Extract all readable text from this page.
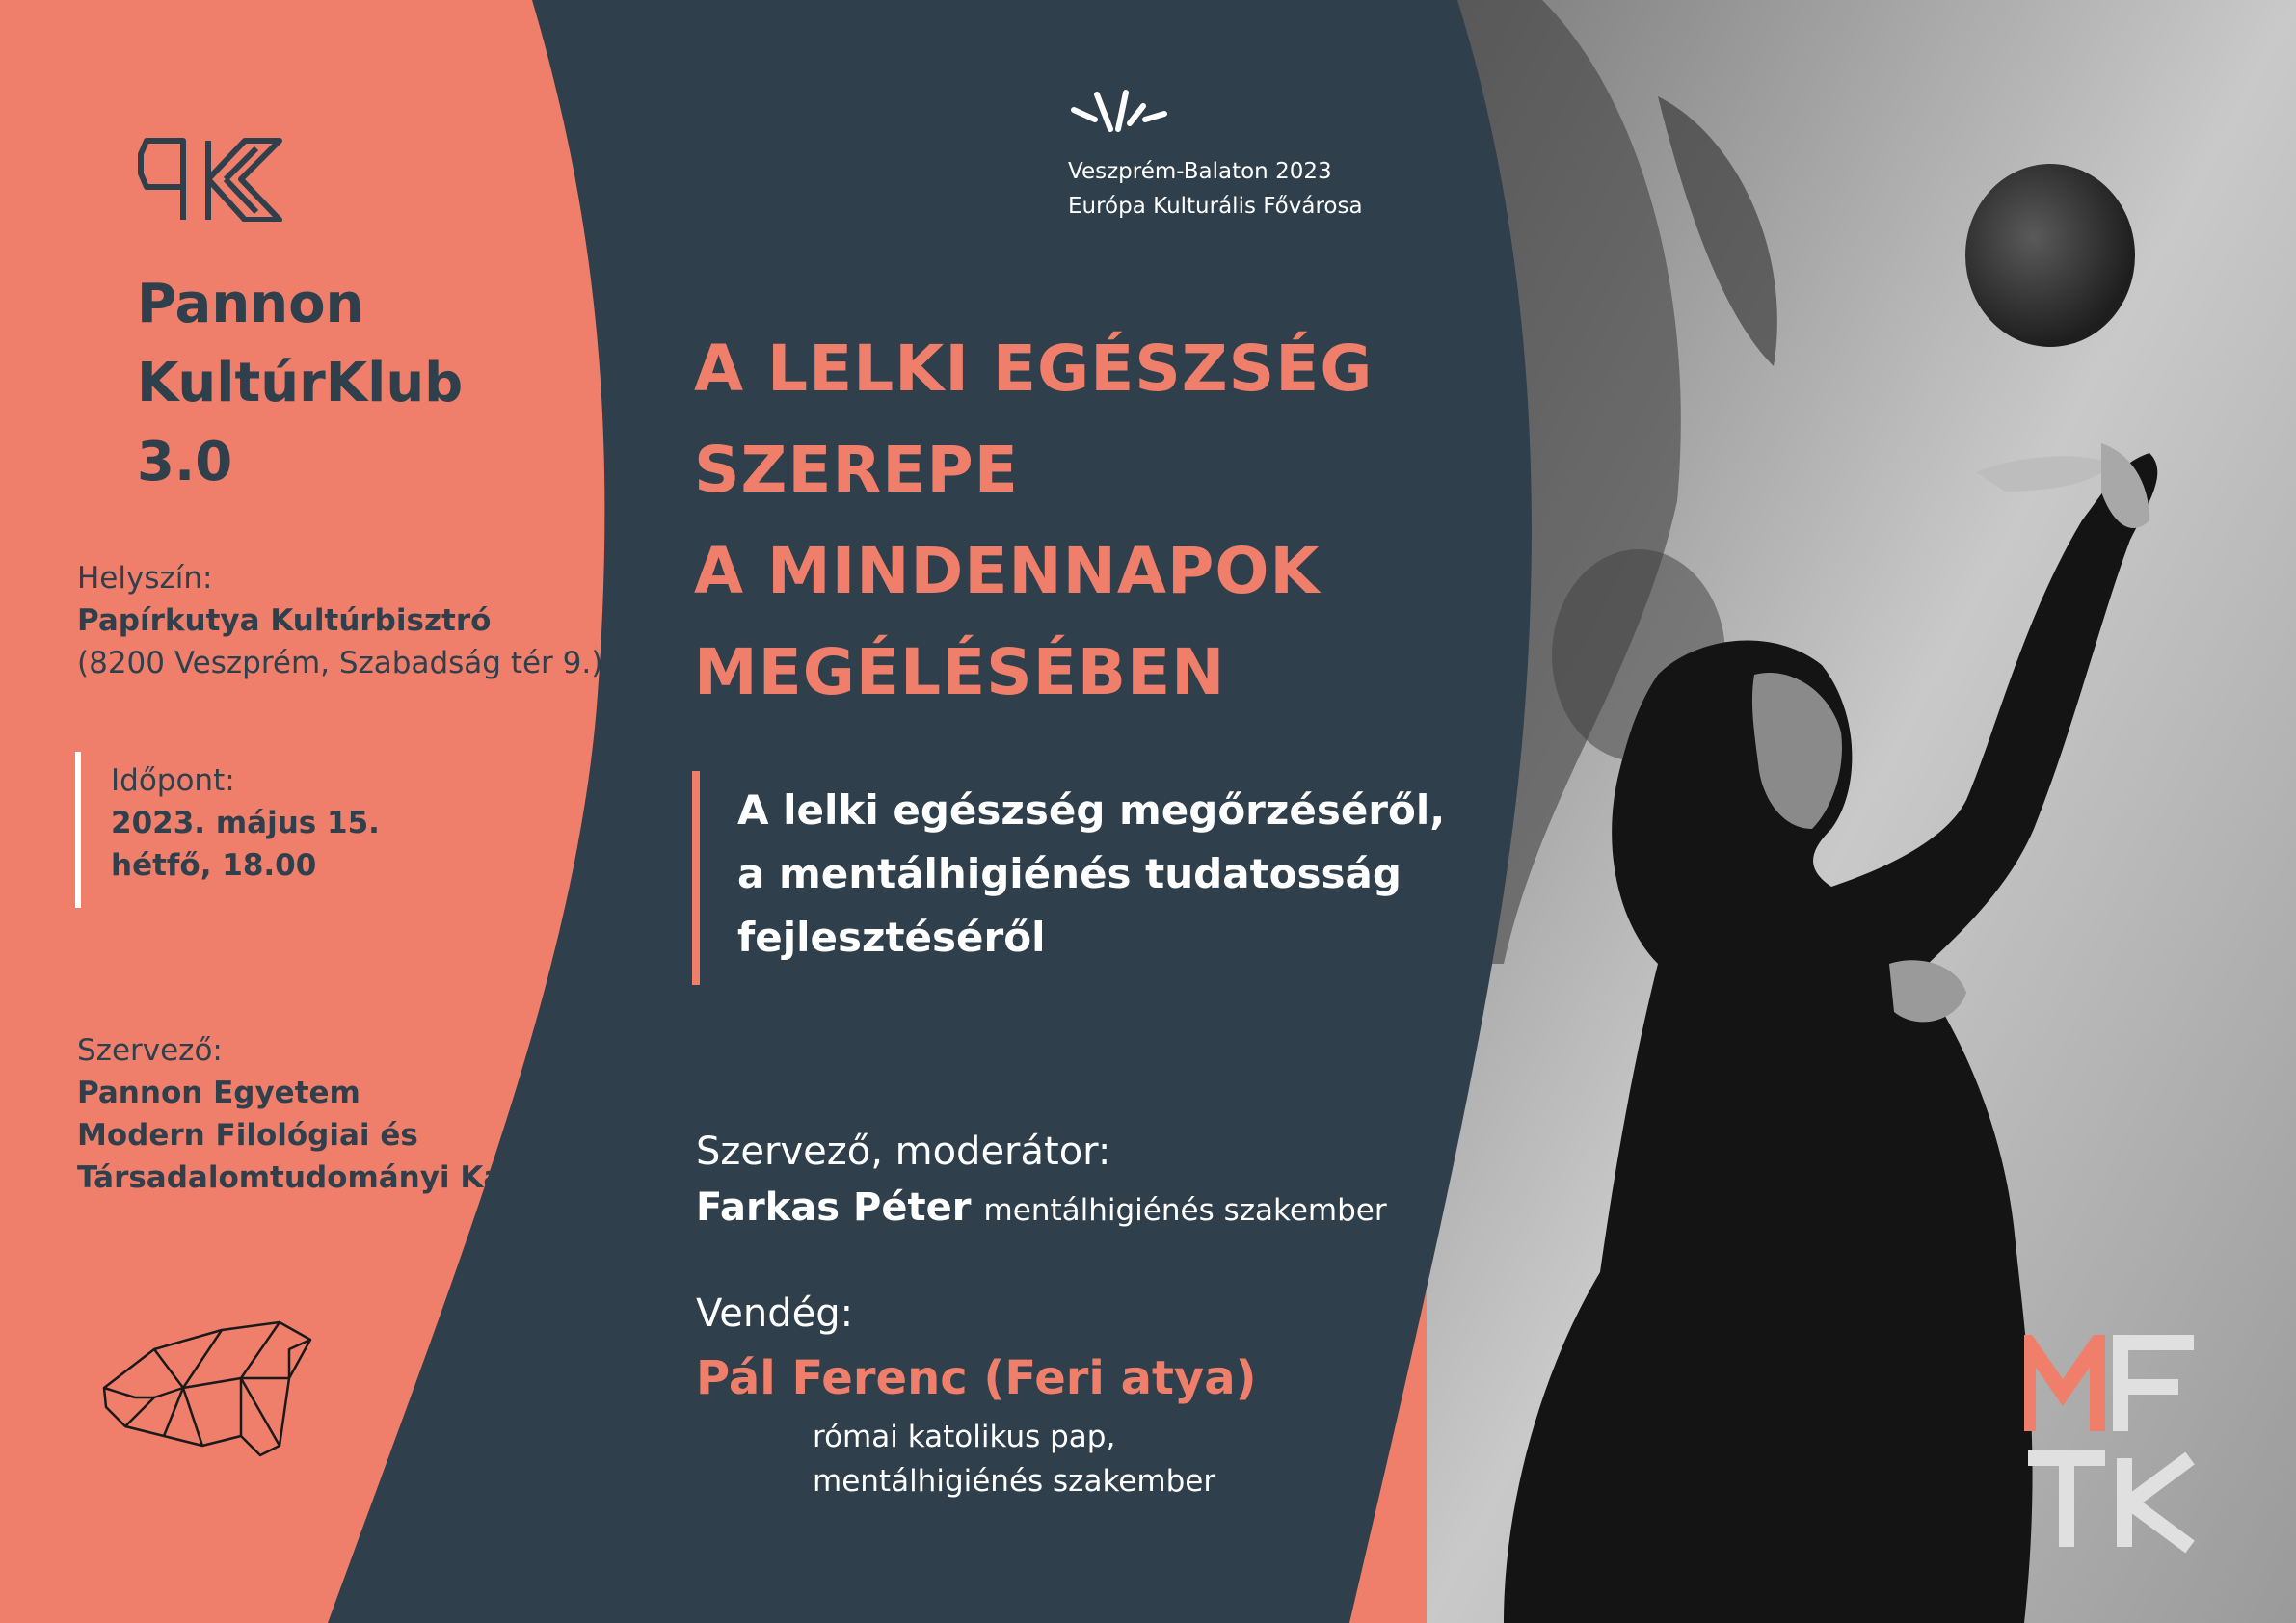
Pannon
KultúrKlub
3.0
Helyszín:
Papírkutya Kultúrbisztró
(8200 Veszprém, Szabadság tér 9.)
Időpont:
2023. május 15.
hétfő, 18.00
Szervező:
Pannon Egyetem
Modern Filológiai és
Társadalomtudományi Kar
Veszprém-Balaton 2023
Európa Kulturális Fővárosa
A LELKI EGÉSZSÉG
SZEREPE
A MINDENNAPOK
MEGÉLÉSÉBEN
A lelki egészség megőrzéséről,
a mentálhigiénés tudatosság
fejlesztéséről
Szervező, moderátor:
Farkas Péter mentálhigiénés szakember
Vendég:
Pál Ferenc (Feri atya)
római katolikus pap,
mentálhigiénés szakember
M
